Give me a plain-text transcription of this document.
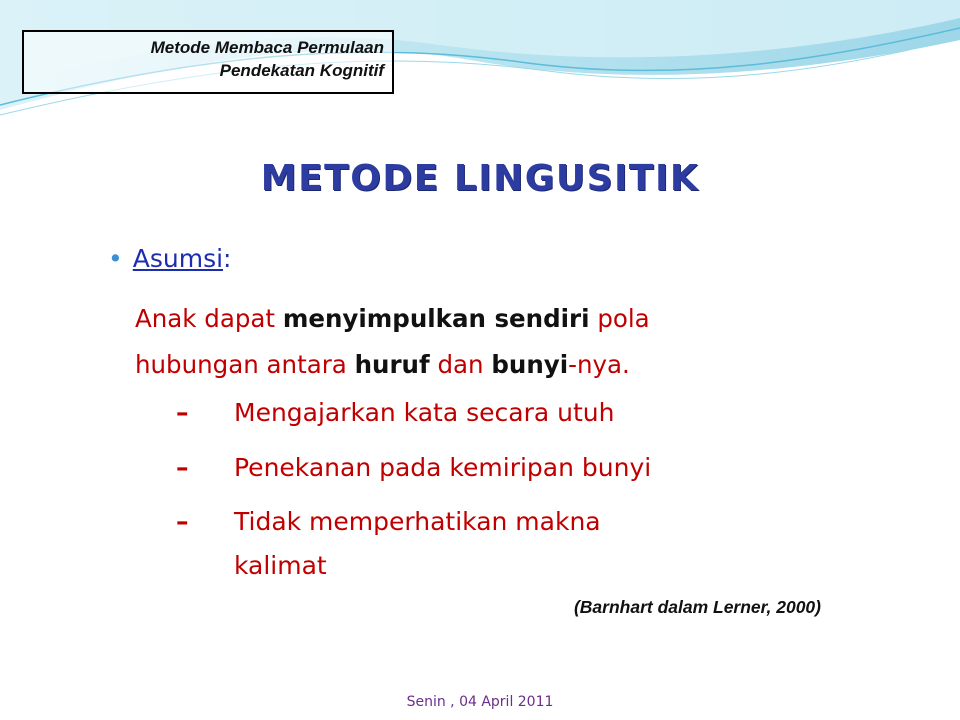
Metode Membaca Permulaan
Pendekatan Kognitif
METODE LINGUSITIK
• Asumsi:
Anak dapat menyimpulkan sendiri pola hubungan antara huruf dan bunyi-nya.
– Mengajarkan kata secara utuh
– Penekanan pada kemiripan bunyi
– Tidak memperhatikan makna
kalimat
(Barnhart dalam Lerner, 2000)
Senin , 04 April 2011
